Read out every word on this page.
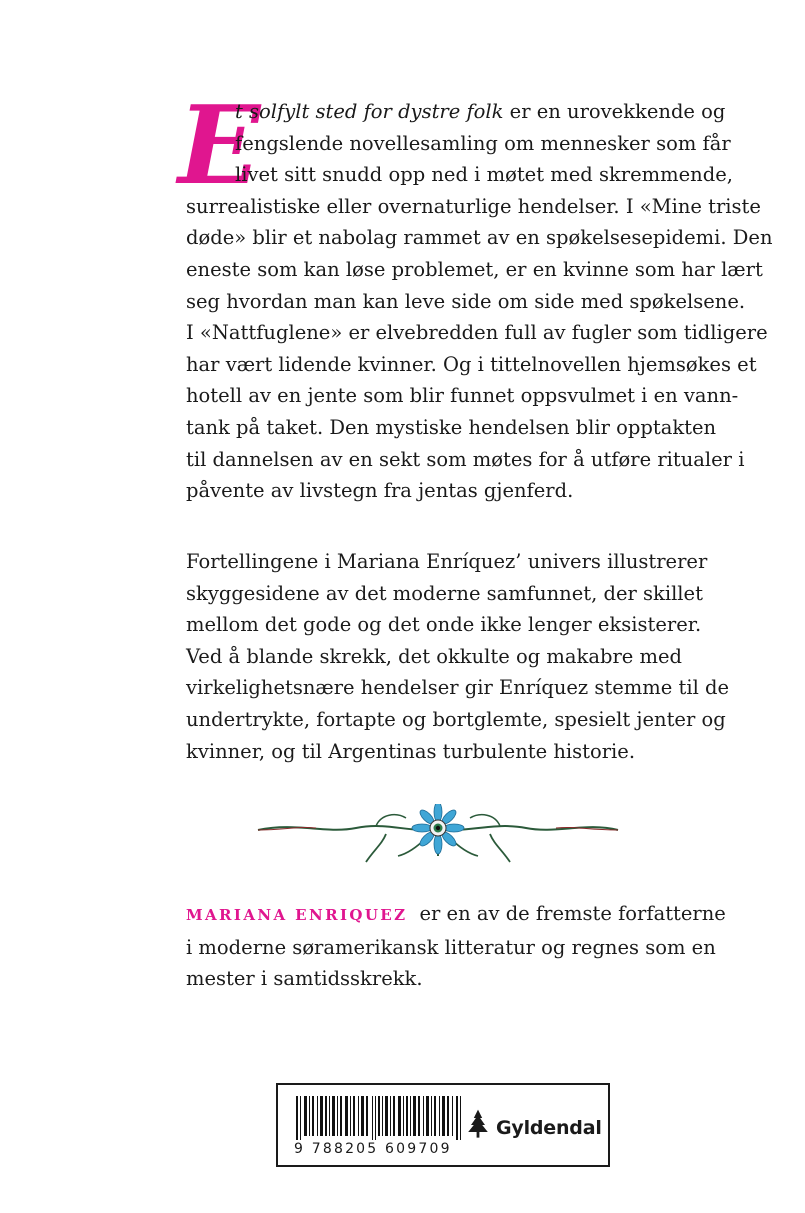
E

t solfylt sted for dystre folk er en urovekkende og
fengslende novellesamling om mennesker som får
livet sitt snudd opp ned i møtet med skremmende,
surrealistiske eller overnaturlige hendelser. I «Mine triste
døde» blir et nabolag rammet av en spøkelsesepidemi. Den
eneste som kan løse problemet, er en kvinne som har lært
seg hvordan man kan leve side om side med spøkelsene.
I «Nattfuglene» er elvebredden full av fugler som tidligere
har vært lidende kvinner. Og i tittelnovellen hjemsøkes et
hotell av en jente som blir funnet oppsvulmet i en vann-
tank på taket. Den mystiske hendelsen blir opptakten
til dannelsen av en sekt som møtes for å utføre ritualer i
påvente av livstegn fra jentas gjenferd.

Fortellingene i Mariana Enríquez’ univers illustrerer
skyggesidene av det moderne samfunnet, der skillet
mellom det gode og det onde ikke lenger eksisterer.
Ved å blande skrekk, det okkulte og makabre med
virkelighetsnære hendelser gir Enríquez stemme til de
undertrykte, fortapte og bortglemte, spesielt jenter og
kvinner, og til Argentinas turbulente historie.
MARIANA ENRIQUEZ er en av de fremste forfatterne
i moderne søramerikansk litteratur og regnes som en
mester i samtidsskrekk.
9 788205 609709
Gyldendal
